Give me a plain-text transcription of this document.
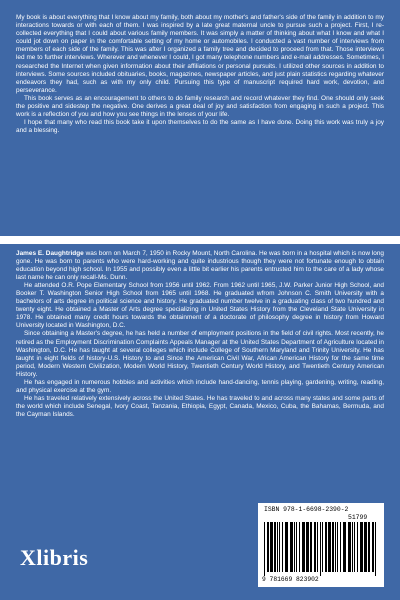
My book is about everything that I know about my family, both about my mother's and father's side of the family in addition to my interactions towards or with each of them. I was inspired by a late great maternal uncle to pursue such a project. First, I re-collected everything that I could about various family members. It was simply a matter of thinking about what I know and what I could jot down on paper in the comfortable setting of my home or automobiles. I conducted a vast number of interviews from members of each side of the family. This was after I organized a family tree and decided to proceed from that. Those interviews led me to further interviews. Wherever and whenever I could, I got many telephone numbers and e-mail addresses. Sometimes, I researched the Internet when given information about their affiliations or personal pursuits. I utilized other sources in addition to interviews. Some sources included obituaries, books, magazines, newspaper articles, and just plain statistics regarding whatever endeavors they had, such as with my only child. Pursuing this type of manuscript required hard work, devotion, and perseverance.

This book serves as an encouragement to others to do family research and record whatever they find. One should only seek the positive and sidestep the negative. One derives a great deal of joy and satisfaction from engaging in such a project. This work is a reflection of you and how you see things in the lenses of your life.

I hope that many who read this book take it upon themselves to do the same as I have done. Doing this work was truly a joy and a blessing.

James E. Daughtridge was born on March 7, 1950 in Rocky Mount, North Carolina. He was born in a hospital which is now long gone. He was born to parents who were hard-working and quite industrious though they were not fortunate enough to obtain education beyond high school. In 1955 and possibly even a little bit earlier his parents entrusted him to the care of a lady whose last name he can only recall-Ms. Dunn.

He attended O.R. Pope Elementary School from 1956 until 1962. From 1962 until 1965, J.W. Parker Junior High School, and Booker T. Washington Senior High School from 1965 until 1968. He graduated wfrom Johnson C. Smith University with a bachelors of arts degree in political science and history. He graduated number twelve in a graduating class of two hundred and twenty eight. He obtained a Master of Arts degree specializing in United States History from the Cleveland State University in 1978. He obtained many credit hours towards the obtainment of a doctorate of philosophy degree in history from Howard University located in Washington, D.C.

Since obtaining a Master's degree, he has held a number of employment positions in the field of civil rights. Most recently, he retired as the Employment Discrimination Complaints Appeals Manager at the United States Department of Agriculture located in Washington, D.C. He has taught at several colleges which include College of Southern Maryland and Trinity University. He has taught in eight fields of history-U.S. History to and Since the American Civil War, African American History for the same time period, Modern Western Civilization, Modern World History, Twentieth Century World History, and Twentieth Century American History.

He has engaged in numerous hobbies and activities which include hand-dancing, tennis playing, gardening, writing, reading, and physical exercise at the gym.

He has traveled relatively extensively across the United States. He has traveled to and across many states and some parts of the world which include Senegal, Ivory Coast, Tanzania, Ethiopia, Egypt, Canada, Mexico, Cuba, the Bahamas, Bermuda, and the Cayman Islands.

Xlibris
ISBN 978-1-6698-2390-2
51799
9 781669 823902
